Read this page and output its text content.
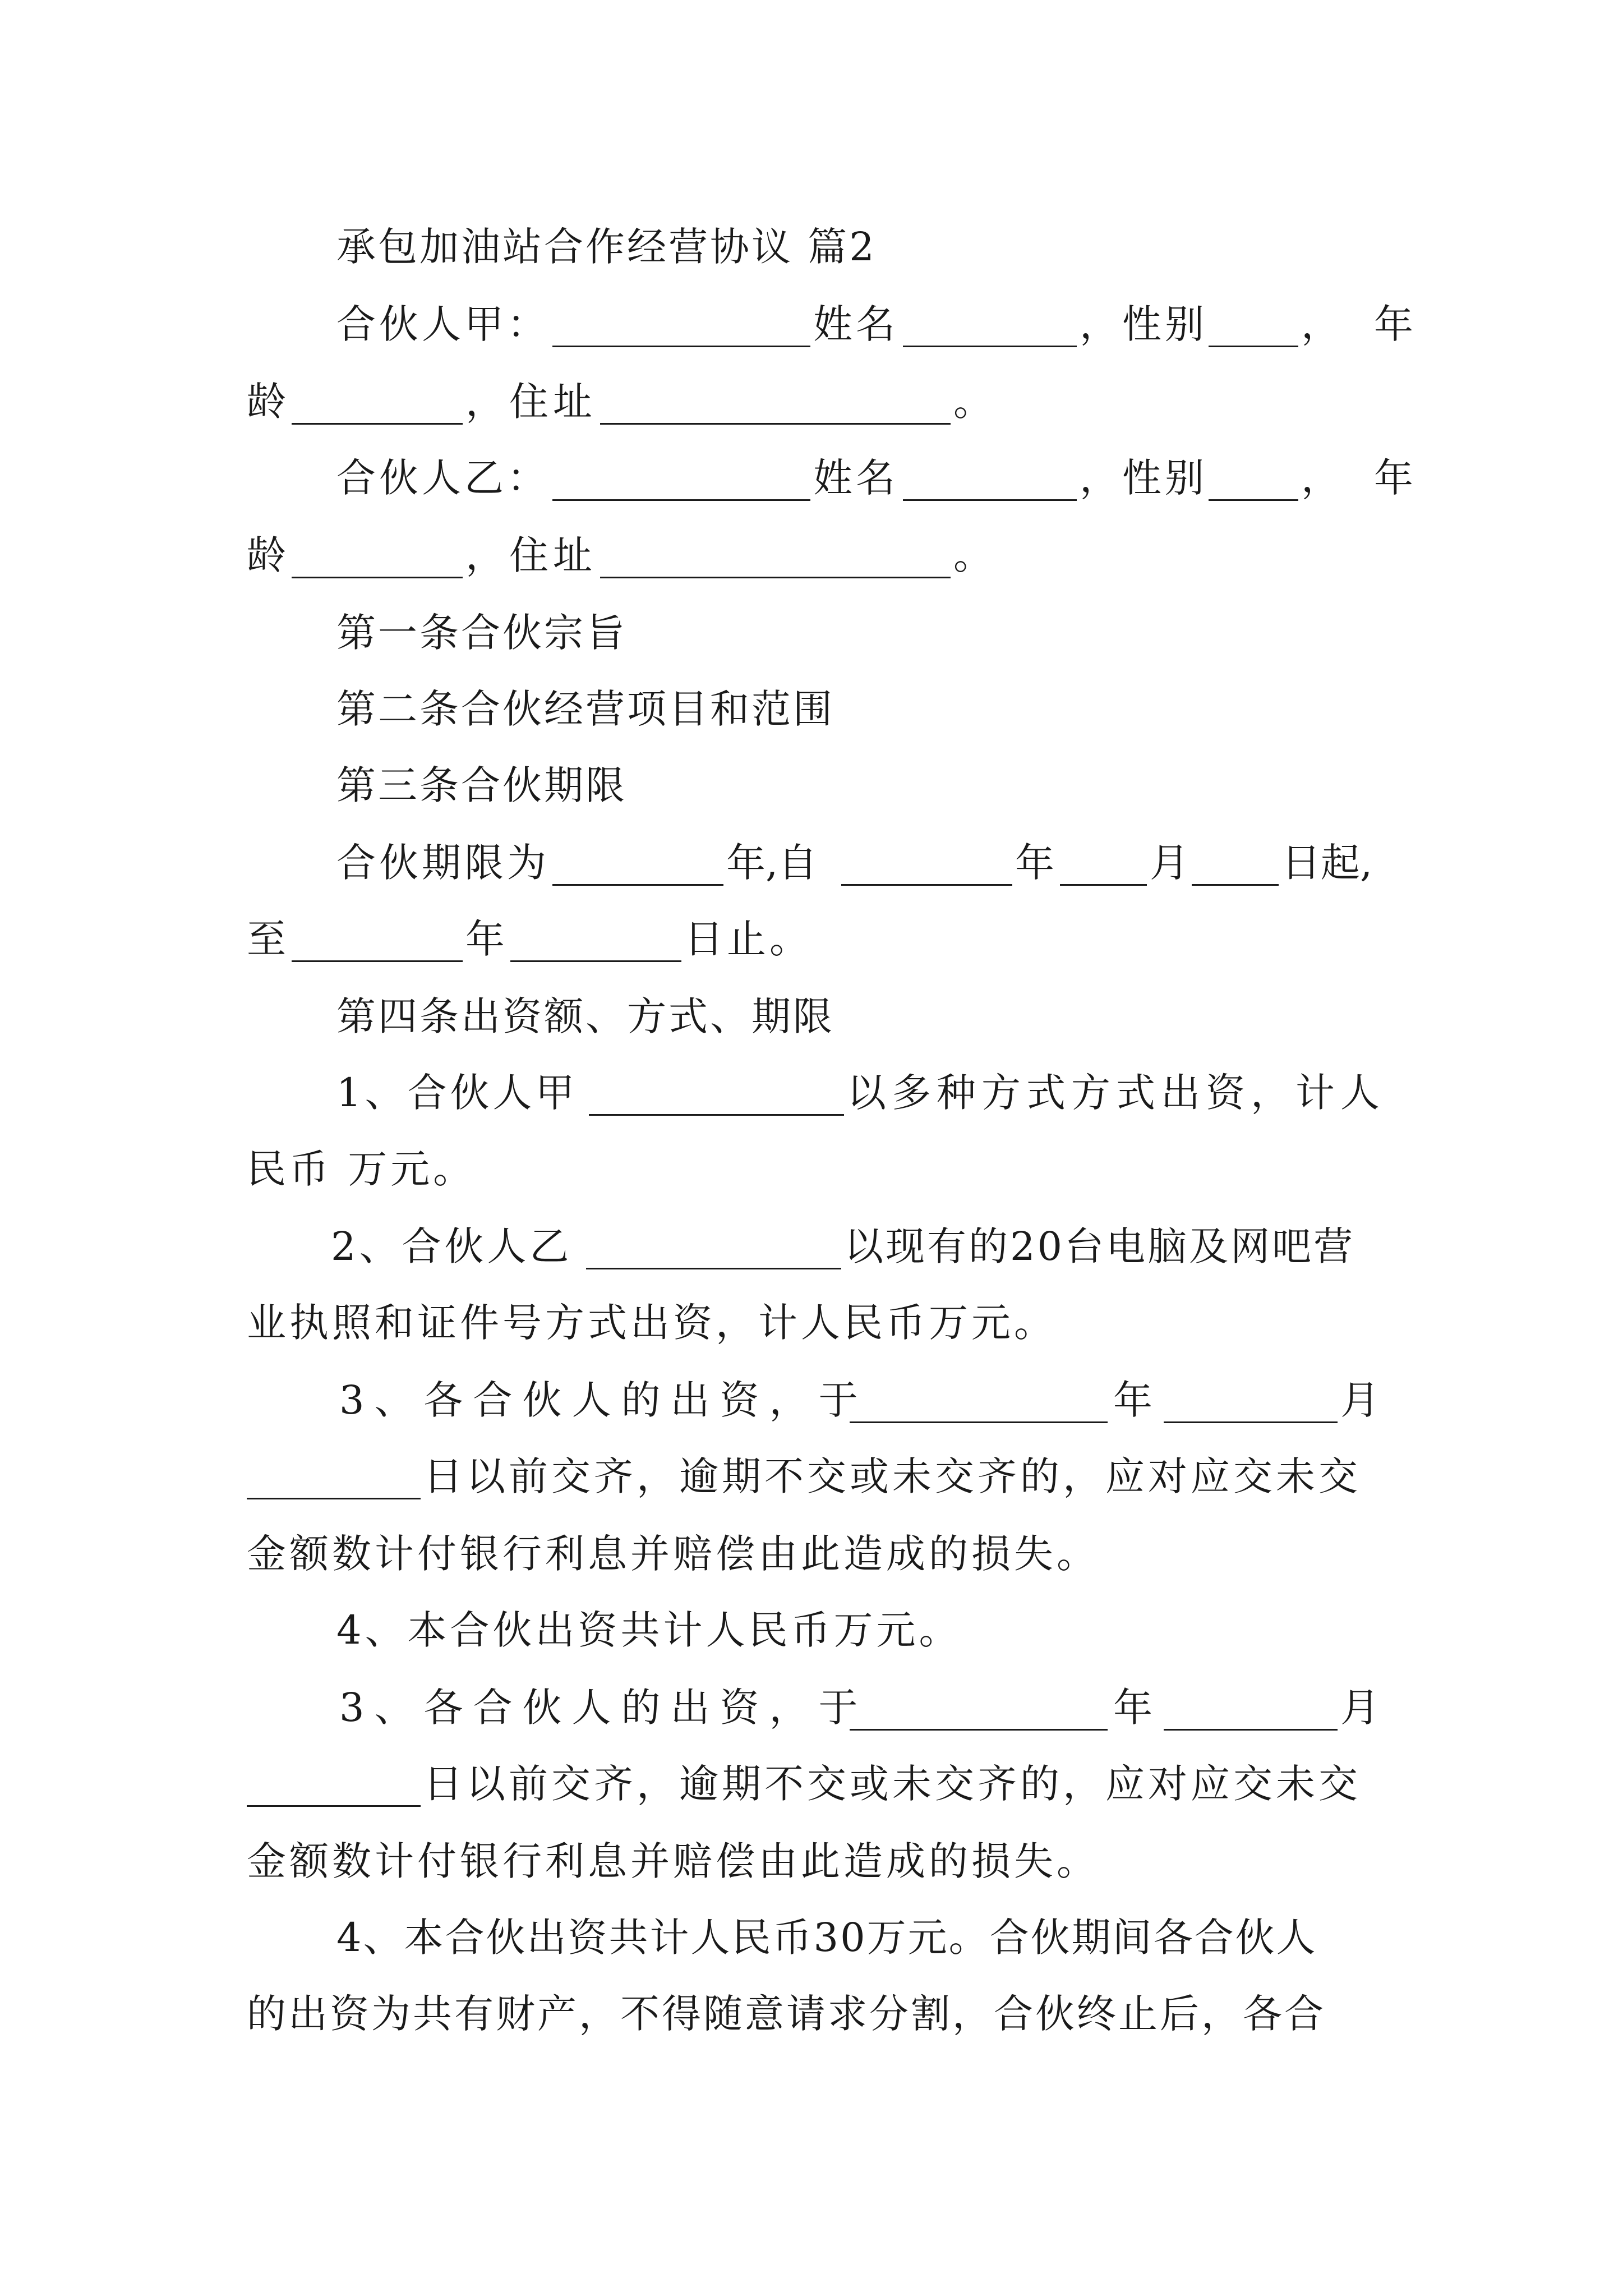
承包加油站合作经营协议 篇2
合伙人甲：	姓名	，性别 ，年
龄	，住址	。
合伙人乙：	姓名	，性别 ，年
龄	，住址	。
第一条合伙宗旨
第二条合伙经营项目和范围
第三条合伙期限
合伙期限为	年,自	年 月 日起,
至	年	日止。
第四条出资额、方式、期限
1、合伙人甲	以多种方式方式出资，计人
民币 万元。
2、合伙人乙	以现有的20台电脑及网吧营
业执照和证件号方式出资，计人民币万元。
3、各合伙人的出资，于	年	月
日以前交齐，逾期不交或未交齐的，应对应交未交
金额数计付银行利息并赔偿由此造成的损失。
4、本合伙出资共计人民币万元。
3、各合伙人的出资，于	年	月
日以前交齐，逾期不交或未交齐的，应对应交未交
金额数计付银行利息并赔偿由此造成的损失。
4、本合伙出资共计人民币30万元。合伙期间各合伙人
的出资为共有财产，不得随意请求分割，合伙终止后，各合
